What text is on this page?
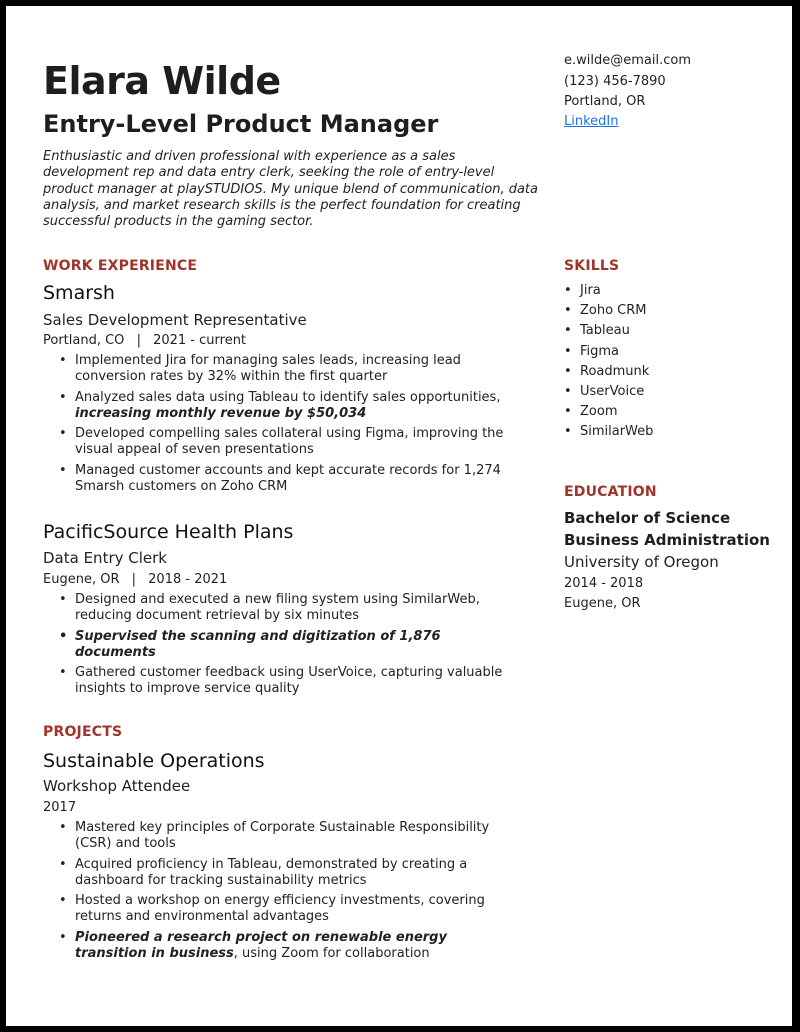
Elara Wilde
Entry-Level Product Manager
Enthusiastic and driven professional with experience as a sales development rep and data entry clerk, seeking the role of entry-level product manager at playSTUDIOS. My unique blend of communication, data analysis, and market research skills is the perfect foundation for creating successful products in the gaming sector.
e.wilde@email.com
(123) 456-7890
Portland, OR
LinkedIn
WORK EXPERIENCE
Smarsh
Sales Development Representative
Portland, CO | 2021 - current
• Implemented Jira for managing sales leads, increasing lead conversion rates by 32% within the first quarter
• Analyzed sales data using Tableau to identify sales opportunities,
increasing monthly revenue by $50,034
• Developed compelling sales collateral using Figma, improving the visual appeal of seven presentations
• Managed customer accounts and kept accurate records for 1,274 Smarsh customers on Zoho CRM
PacificSource Health Plans
Data Entry Clerk
Eugene, OR | 2018 - 2021
• Designed and executed a new filing system using SimilarWeb, reducing document retrieval by six minutes
• Supervised the scanning and digitization of 1,876 documents
• Gathered customer feedback using UserVoice, capturing valuable insights to improve service quality
PROJECTS
Sustainable Operations
Workshop Attendee
2017
• Mastered key principles of Corporate Sustainable Responsibility (CSR) and tools
• Acquired proficiency in Tableau, demonstrated by creating a dashboard for tracking sustainability metrics
• Hosted a workshop on energy efficiency investments, covering returns and environmental advantages
• Pioneered a research project on renewable energy transition in business, using Zoom for collaboration
SKILLS
• Jira
• Zoho CRM
• Tableau
• Figma
• Roadmunk
• UserVoice
• Zoom
• SimilarWeb
EDUCATION
Bachelor of Science
Business Administration
University of Oregon
2014 - 2018
Eugene, OR
